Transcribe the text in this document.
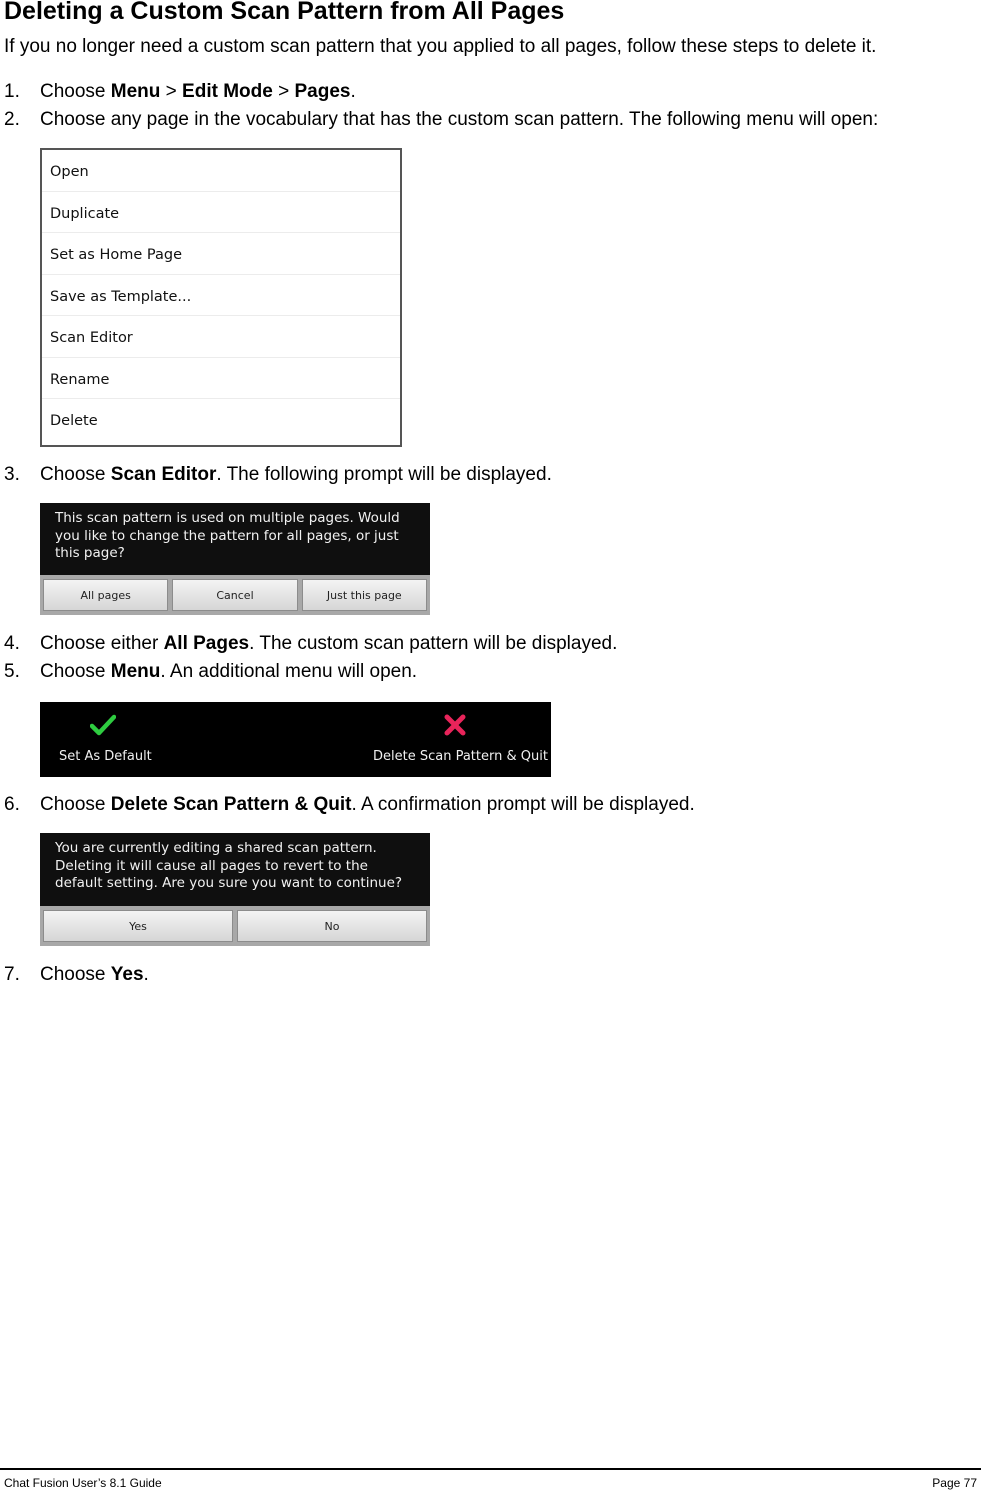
Deleting a Custom Scan Pattern from All Pages
If you no longer need a custom scan pattern that you applied to all pages, follow these steps to delete it.
1. Choose Menu > Edit Mode > Pages.
2. Choose any page in the vocabulary that has the custom scan pattern. The following menu will open:
Open
Duplicate
Set as Home Page
Save as Template...
Scan Editor
Rename
Delete
3. Choose Scan Editor. The following prompt will be displayed.
This scan pattern is used on multiple pages. Would you like to change the pattern for all pages, or just this page?
All pages	Cancel	Just this page
4. Choose either All Pages. The custom scan pattern will be displayed.
5. Choose Menu. An additional menu will open.
Set As Default	Delete Scan Pattern & Quit
6. Choose Delete Scan Pattern & Quit. A confirmation prompt will be displayed.
You are currently editing a shared scan pattern. Deleting it will cause all pages to revert to the default setting. Are you sure you want to continue?
Yes	No
7. Choose Yes.
Chat Fusion User’s 8.1 Guide	Page 77
